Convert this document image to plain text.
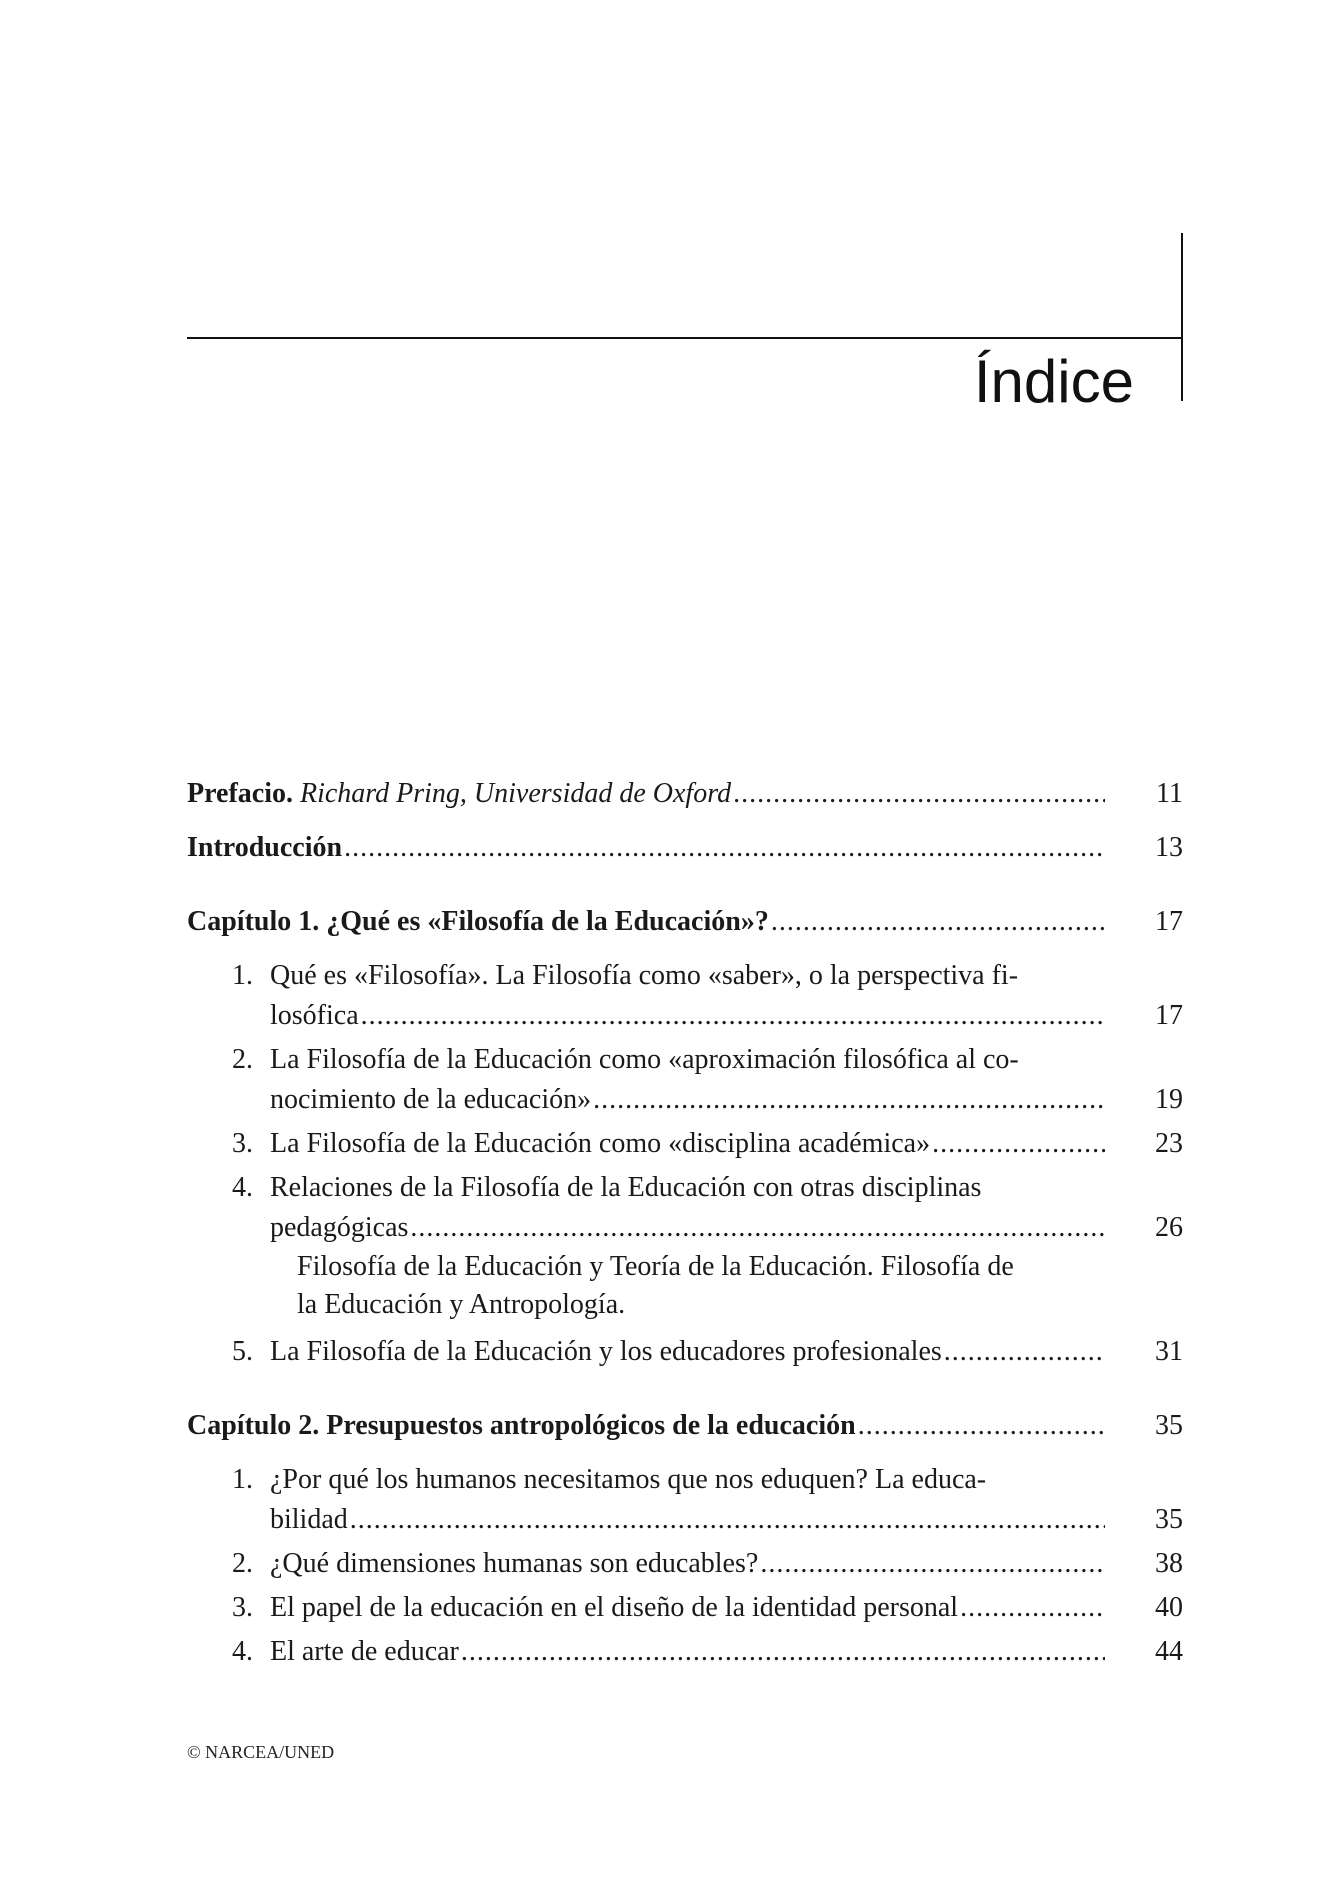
Índice
Prefacio. Richard Pring, Universidad de Oxford .....	11
Introducción .....	13
Capítulo 1. ¿Qué es «Filosofía de la Educación»? .....	17
1. Qué es «Filosofía». La Filosofía como «saber», o la perspectiva fi-
losófica .....	17
2. La Filosofía de la Educación como «aproximación filosófica al co-
nocimiento de la educación» .....	19
3. La Filosofía de la Educación como «disciplina académica» .....	23
4. Relaciones de la Filosofía de la Educación con otras disciplinas
pedagógicas .....	26
Filosofía de la Educación y Teoría de la Educación. Filosofía de
la Educación y Antropología.
5. La Filosofía de la Educación y los educadores profesionales .....	31
Capítulo 2. Presupuestos antropológicos de la educación .....	35
1. ¿Por qué los humanos necesitamos que nos eduquen? La educa-
bilidad .....	35
2. ¿Qué dimensiones humanas son educables? .....	38
3. El papel de la educación en el diseño de la identidad personal .....	40
4. El arte de educar .....	44
© NARCEA/UNED
